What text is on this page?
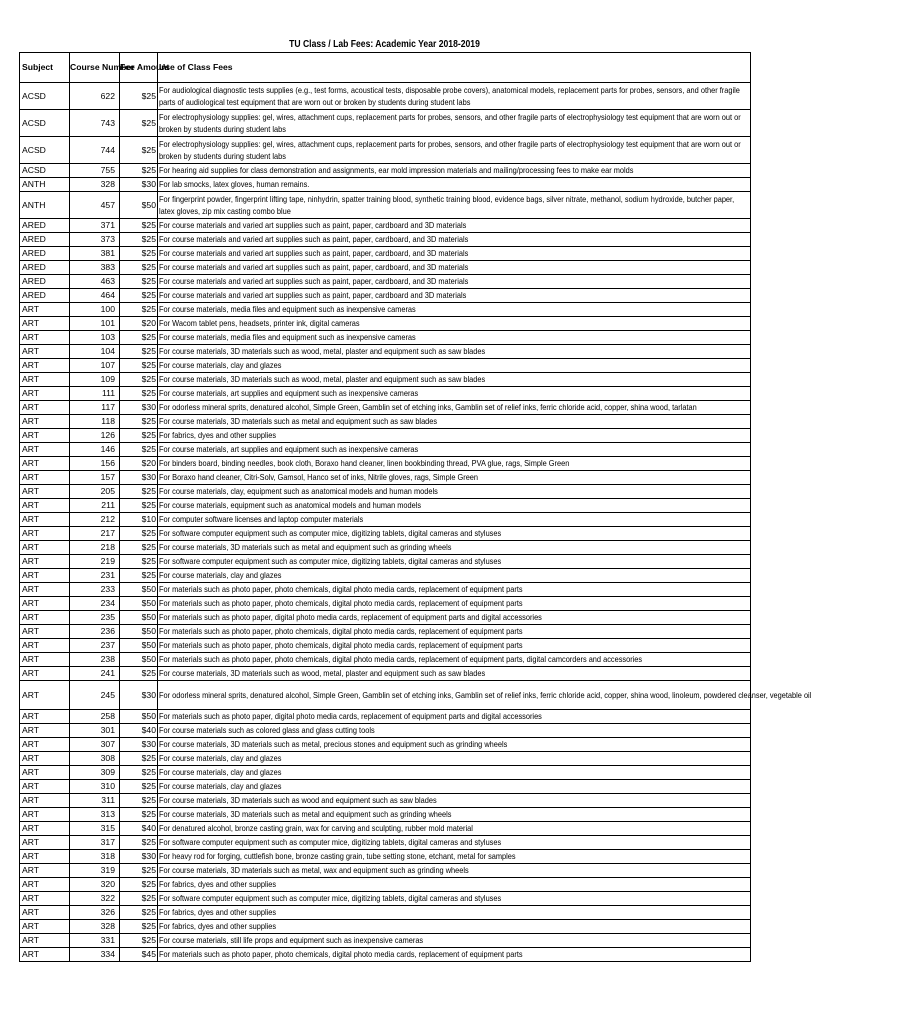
TU Class / Lab Fees: Academic Year 2018-2019
Subject	Course Number	Fee Amount	Use of Class Fees
ACSD	622	$25	For audiological diagnostic tests supplies (e.g., test forms, acoustical tests, disposable probe covers), anatomical models, replacement parts for probes, sensors, and other fragile parts of audiological test equipment that are worn out or broken by students during student labs

ACSD	743	$25	For electrophysiology supplies: gel, wires, attachment cups, replacement parts for probes, sensors, and other fragile parts of electrophysiology test equipment that are worn out or broken by students during student labs

ACSD	744	$25	For electrophysiology supplies: gel, wires, attachment cups, replacement parts for probes, sensors, and other fragile parts of electrophysiology test equipment that are worn out or broken by students during student labs

ACSD	755	$25	For hearing aid supplies for class demonstration and assignments, ear mold impression materials and mailing/processing fees to make ear molds
ANTH	328	$30	For lab smocks, latex gloves, human remains.
ANTH	457	$50	For fingerprint powder, fingerprint lifting tape, ninhydrin, spatter training blood, synthetic training blood, evidence bags, silver nitrate, methanol, sodium hydroxide, butcher paper, latex gloves, zip mix casting combo blue

ARED	371	$25	For course materials and varied art supplies such as paint, paper, cardboard and 3D materials
ARED	373	$25	For course materials and varied art supplies such as paint, paper, cardboard, and 3D materials
ARED	381	$25	For course materials and varied art supplies such as paint, paper, cardboard, and 3D materials
ARED	383	$25	For course materials and varied art supplies such as paint, paper, cardboard, and 3D materials
ARED	463	$25	For course materials and varied art supplies such as paint, paper, cardboard, and 3D materials
ARED	464	$25	For course materials and varied art supplies such as paint, paper, cardboard and 3D materials
ART	100	$25	For course materials, media files and equipment such as inexpensive cameras
ART	101	$20	For Wacom tablet pens, headsets, printer ink, digital cameras
ART	103	$25	For course materials, media files and equipment such as inexpensive cameras
ART	104	$25	For course materials, 3D materials such as wood, metal, plaster and equipment such as saw blades
ART	107	$25	For course materials, clay and glazes
ART	109	$25	For course materials, 3D materials such as wood, metal, plaster and equipment such as saw blades
ART	111	$25	For course materials, art supplies and equipment such as inexpensive cameras
ART	117	$30	For odorless mineral sprits, denatured alcohol, Simple Green, Gamblin set of etching inks, Gamblin set of relief inks, ferric chloride acid, copper, shina wood, tarlatan
ART	118	$25	For course materials, 3D materials such as metal and equipment such as saw blades
ART	126	$25	For fabrics, dyes and other supplies
ART	146	$25	For course materials, art supplies and equipment such as inexpensive cameras
ART	156	$20	For binders board, binding needles, book cloth, Boraxo hand cleaner, linen bookbinding thread, PVA glue, rags, Simple Green
ART	157	$30	For Boraxo hand cleaner, Citri-Solv, Gamsol, Hanco set of inks, Nitrile gloves, rags, Simple Green
ART	205	$25	For course materials, clay, equipment such as anatomical models and human models
ART	211	$25	For course materials, equipment such as anatomical models and human models
ART	212	$10	For computer software licenses and laptop computer materials
ART	217	$25	For software computer equipment such as computer mice, digitizing tablets, digital cameras and styluses
ART	218	$25	For course materials, 3D materials such as metal and equipment such as grinding wheels
ART	219	$25	For software computer equipment such as computer mice, digitizing tablets, digital cameras and styluses
ART	231	$25	For course materials, clay and glazes
ART	233	$50	For materials such as photo paper, photo chemicals, digital photo media cards, replacement of equipment parts
ART	234	$50	For materials such as photo paper, photo chemicals, digital photo media cards, replacement of equipment parts
ART	235	$50	For materials such as photo paper, digital photo media cards, replacement of equipment parts and digital accessories
ART	236	$50	For materials such as photo paper, photo chemicals, digital photo media cards, replacement of equipment parts
ART	237	$50	For materials such as photo paper, photo chemicals, digital photo media cards, replacement of equipment parts
ART	238	$50	For materials such as photo paper, photo chemicals, digital photo media cards, replacement of equipment parts, digital camcorders and accessories
ART	241	$25	For course materials, 3D materials such as wood, metal, plaster and equipment such as saw blades
ART	245	$30	For odorless mineral sprits, denatured alcohol, Simple Green, Gamblin set of etching inks, Gamblin set of relief inks, ferric chloride acid, copper, shina wood, linoleum, powdered cleanser, vegetable oil
ART	258	$50	For materials such as photo paper, digital photo media cards, replacement of equipment parts and digital accessories
ART	301	$40	For course materials such as colored glass and glass cutting tools
ART	307	$30	For course materials, 3D materials such as metal, precious stones and equipment such as grinding wheels
ART	308	$25	For course materials, clay and glazes
ART	309	$25	For course materials, clay and glazes
ART	310	$25	For course materials, clay and glazes
ART	311	$25	For course materials, 3D materials such as wood and equipment such as saw blades
ART	313	$25	For course materials, 3D materials such as metal and equipment such as grinding wheels
ART	315	$40	For denatured alcohol, bronze casting grain, wax for carving and sculpting, rubber mold material
ART	317	$25	For software computer equipment such as computer mice, digitizing tablets, digital cameras and styluses
ART	318	$30	For heavy rod for forging, cuttlefish bone, bronze casting grain, tube setting stone, etchant, metal for samples
ART	319	$25	For course materials, 3D materials such as metal, wax and equipment such as grinding wheels
ART	320	$25	For fabrics, dyes and other supplies
ART	322	$25	For software computer equipment such as computer mice, digitizing tablets, digital cameras and styluses
ART	326	$25	For fabrics, dyes and other supplies
ART	328	$25	For fabrics, dyes and other supplies
ART	331	$25	For course materials, still life props and equipment such as inexpensive cameras
ART	334	$45	For materials such as photo paper, photo chemicals, digital photo media cards, replacement of equipment parts
